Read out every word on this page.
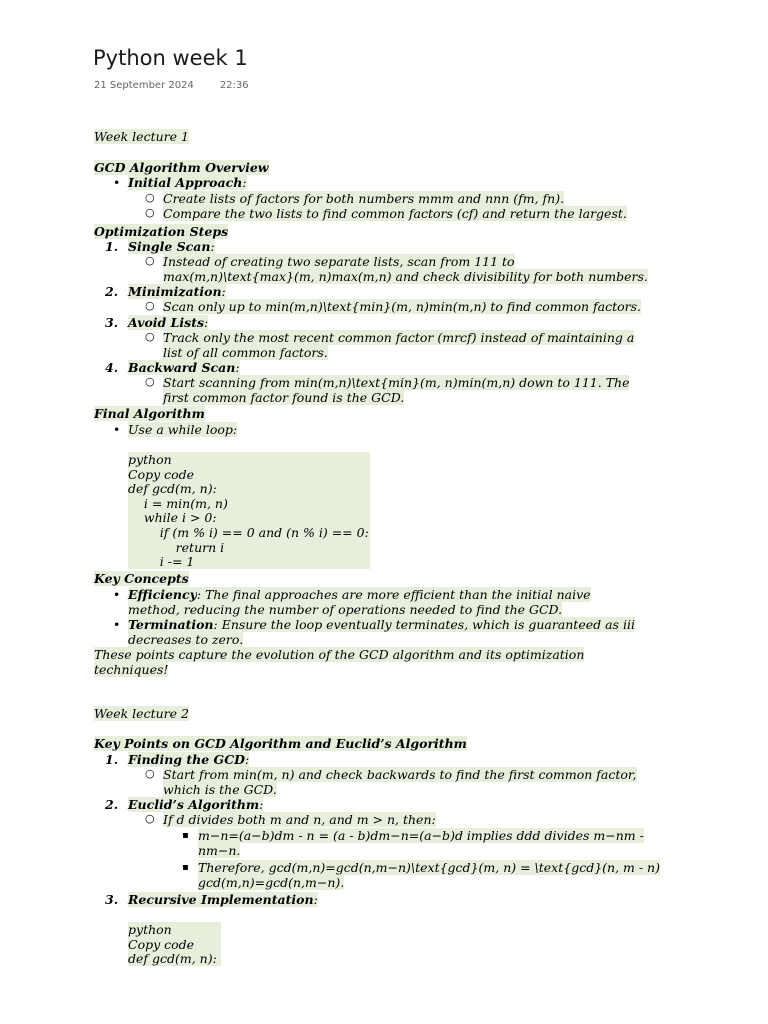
Python week 1
21 September 2024	22:36
Week lecture 1
GCD Algorithm Overview
• Initial Approach:
○ Create lists of factors for both numbers mmm and nnn (fm, fn).
○ Compare the two lists to find common factors (cf) and return the largest.
Optimization Steps
1. Single Scan:
○ Instead of creating two separate lists, scan from 111 to
max(m,n)\text{max}(m, n)max(m,n) and check divisibility for both numbers.
2. Minimization:
○ Scan only up to min(m,n)\text{min}(m, n)min(m,n) to find common factors.
3. Avoid Lists:
○ Track only the most recent common factor (mrcf) instead of maintaining a
list of all common factors.
4. Backward Scan:
○ Start scanning from min(m,n)\text{min}(m, n)min(m,n) down to 111. The
first common factor found is the GCD.
Final Algorithm
• Use a while loop:
python
Copy code
def gcd(m, n):
i = min(m, n)
while i > 0:
if (m % i) == 0 and (n % i) == 0:
return i
i -= 1
Key Concepts
• Efficiency: The final approaches are more efficient than the initial naive
method, reducing the number of operations needed to find the GCD.
• Termination: Ensure the loop eventually terminates, which is guaranteed as iii
decreases to zero.
These points capture the evolution of the GCD algorithm and its optimization
techniques!
Week lecture 2
Key Points on GCD Algorithm and Euclid’s Algorithm
1. Finding the GCD:
○ Start from min(m, n) and check backwards to find the first common factor,
which is the GCD.
2. Euclid’s Algorithm:
○ If d divides both m and n, and m > n, then:
▪ m−n=(a−b)dm - n = (a - b)dm−n=(a−b)d implies ddd divides m−nm -
nm−n.
▪ Therefore, gcd(m,n)=gcd(n,m−n)\text{gcd}(m, n) = \text{gcd}(n, m - n)
gcd(m,n)=gcd(n,m−n).
3. Recursive Implementation:
python
Copy code
def gcd(m, n):
